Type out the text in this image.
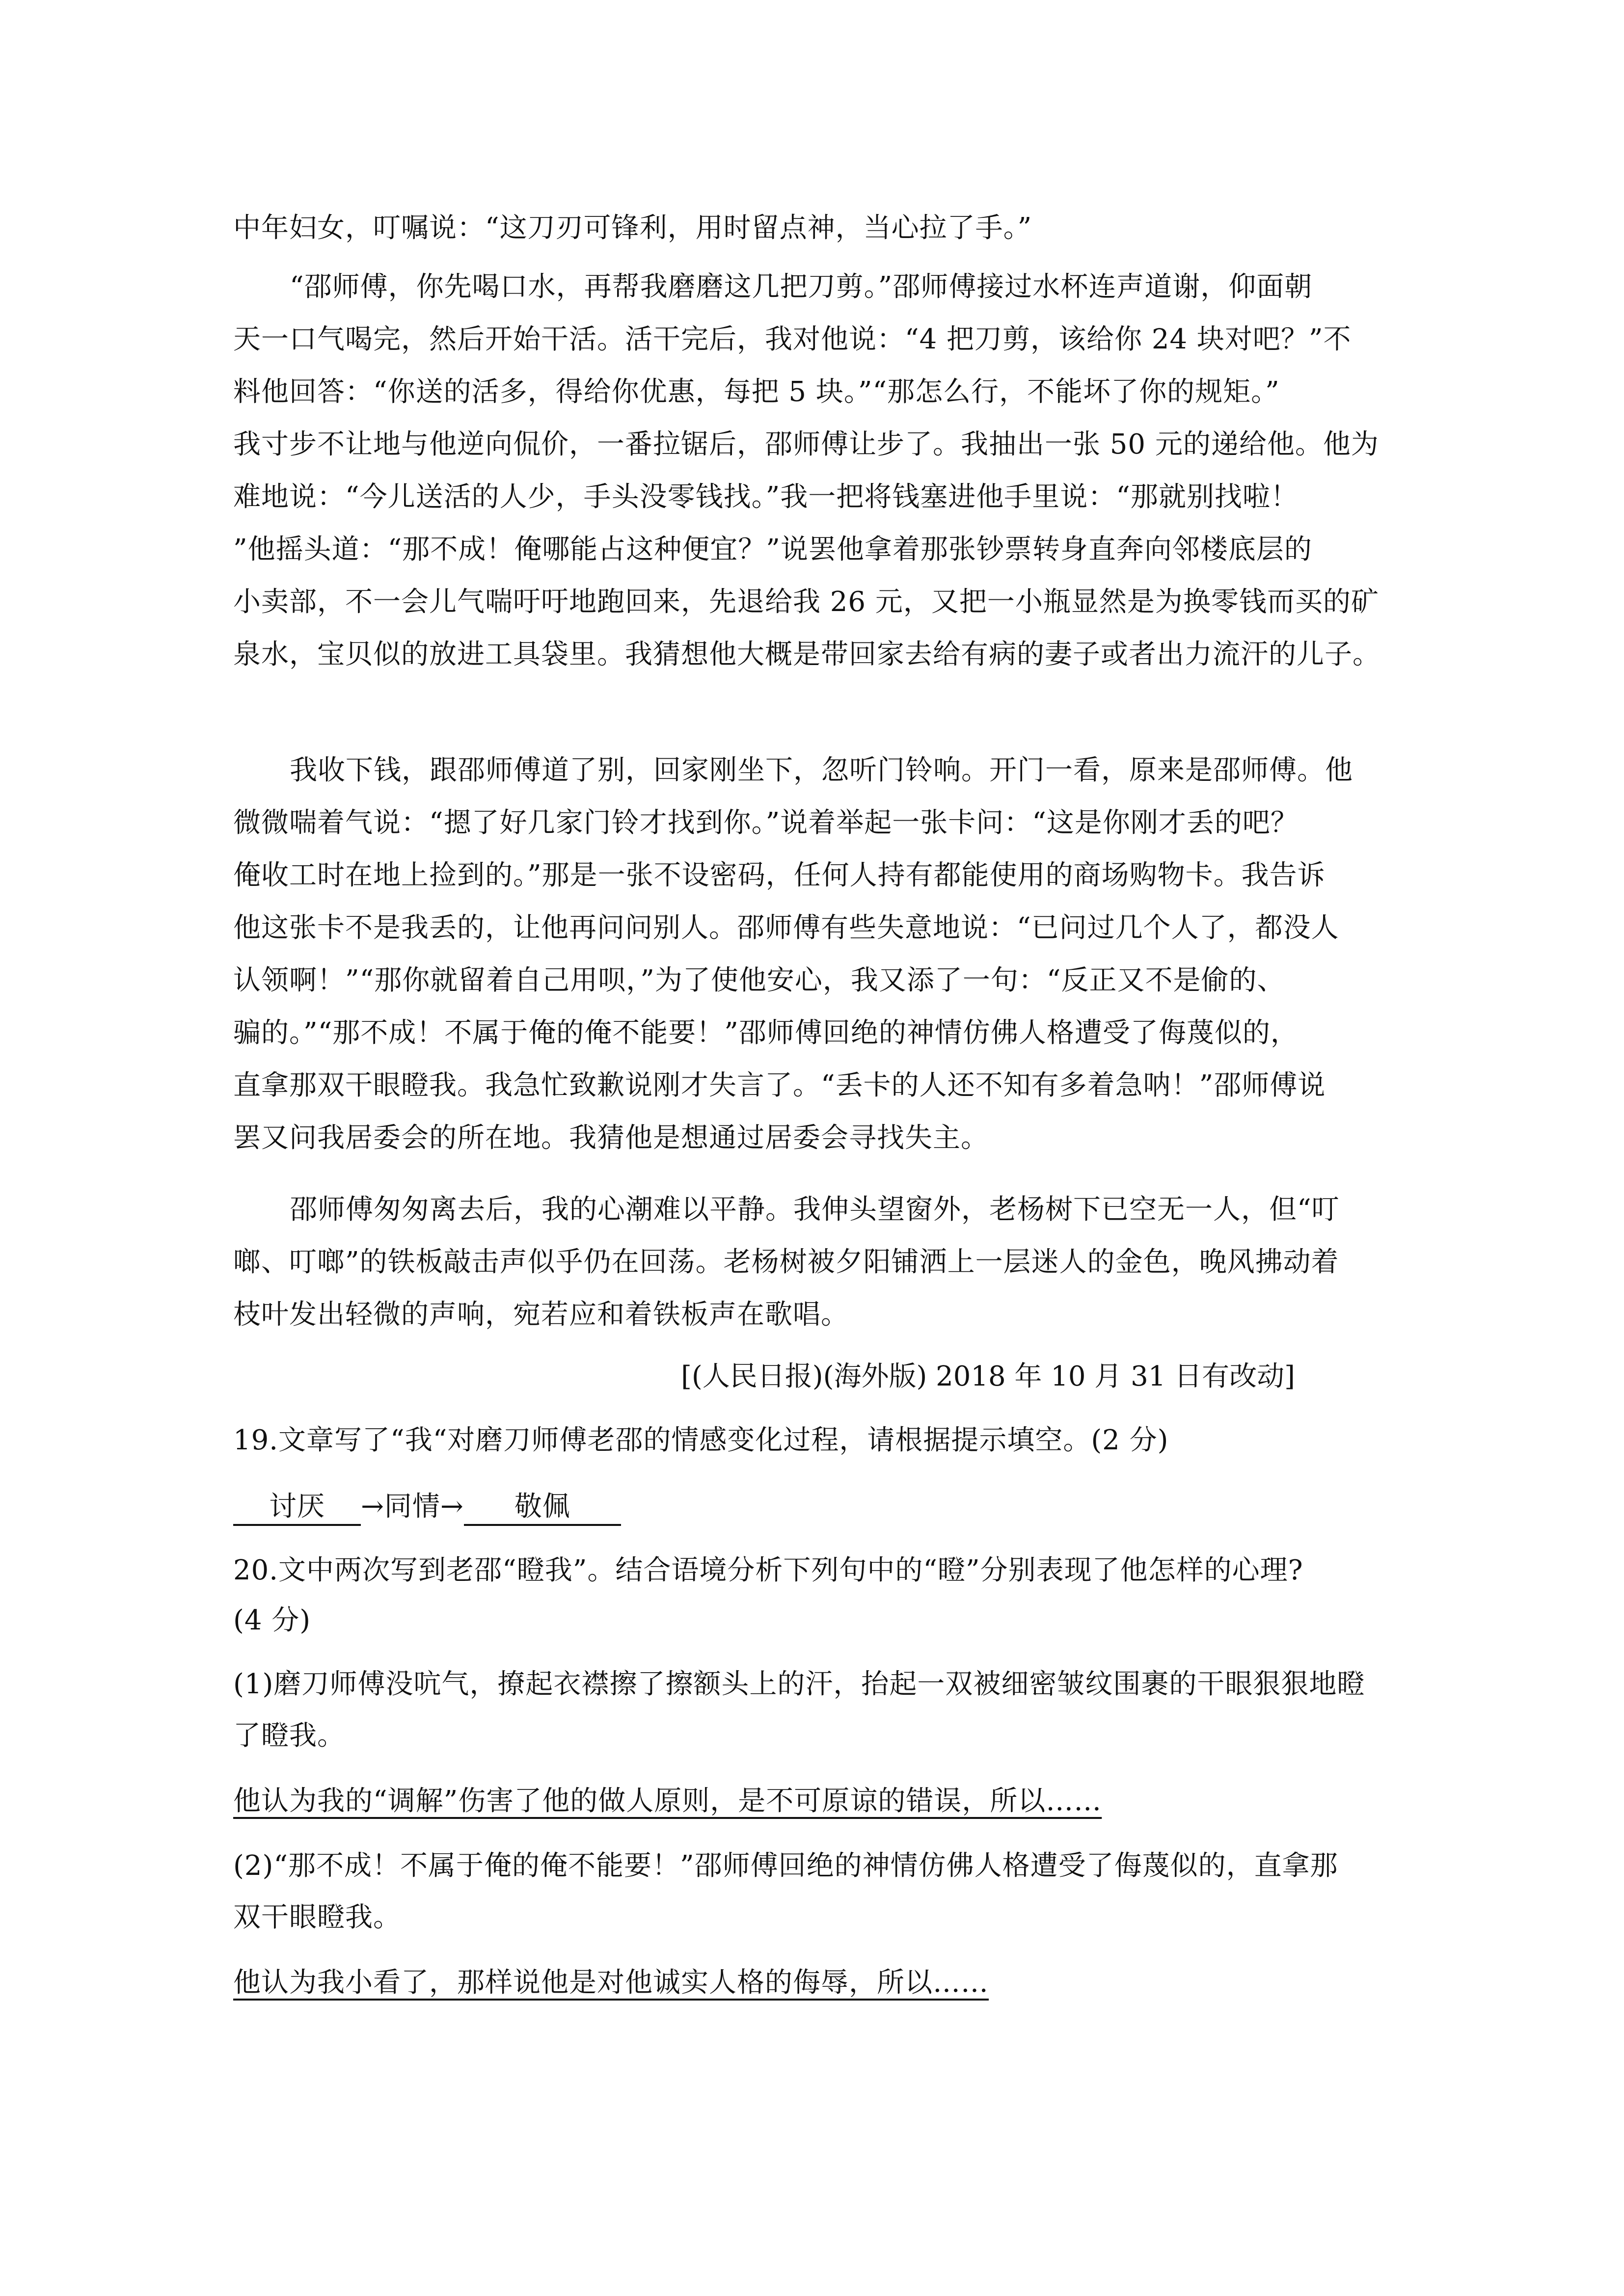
中年妇女，叮嘱说：“这刀刃可锋利，用时留点神，当心拉了手。”
“邵师傅，你先喝口水，再帮我磨磨这几把刀剪。”邵师傅接过水杯连声道谢，仰面朝
天一口气喝完，然后开始干活。活干完后，我对他说：“4 把刀剪，该给你 24 块对吧？”不
料他回答：“你送的活多，得给你优惠，每把 5 块。”“那怎么行，不能坏了你的规矩。”
我寸步不让地与他逆向侃价，一番拉锯后，邵师傅让步了。我抽出一张 50 元的递给他。他为
难地说：“今儿送活的人少，手头没零钱找。”我一把将钱塞进他手里说：“那就别找啦！
”他摇头道：“那不成！俺哪能占这种便宜？”说罢他拿着那张钞票转身直奔向邻楼底层的
小卖部，不一会儿气喘吁吁地跑回来，先退给我 26 元，又把一小瓶显然是为换零钱而买的矿
泉水，宝贝似的放进工具袋里。我猜想他大概是带回家去给有病的妻子或者出力流汗的儿子。
我收下钱，跟邵师傅道了别，回家刚坐下，忽听门铃响。开门一看，原来是邵师傅。他
微微喘着气说：“摁了好几家门铃才找到你。”说着举起一张卡问：“这是你刚才丢的吧？
俺收工时在地上捡到的。”那是一张不设密码，任何人持有都能使用的商场购物卡。我告诉
他这张卡不是我丢的，让他再问问别人。邵师傅有些失意地说：“已问过几个人了，都没人
认领啊！”“那你就留着自己用呗，”为了使他安心，我又添了一句：“反正又不是偷的、
骗的。”“那不成！不属于俺的俺不能要！”邵师傅回绝的神情仿佛人格遭受了侮蔑似的，
直拿那双干眼瞪我。我急忙致歉说刚才失言了。“丢卡的人还不知有多着急呐！”邵师傅说
罢又问我居委会的所在地。我猜他是想通过居委会寻找失主。
邵师傅匆匆离去后，我的心潮难以平静。我伸头望窗外，老杨树下已空无一人，但“叮
啷、叮啷”的铁板敲击声似乎仍在回荡。老杨树被夕阳铺洒上一层迷人的金色，晚风拂动着
枝叶发出轻微的声响，宛若应和着铁板声在歌唱。
[(人民日报)(海外版) 2018 年 10 月 31 日有改动]
19.文章写了“我“对磨刀师傅老邵的情感变化过程，请根据提示填空。(2 分)
讨厌 →同情→ 敬佩
20.文中两次写到老邵“瞪我”。结合语境分析下列句中的“瞪”分别表现了他怎样的心理?
(4 分)
(1)磨刀师傅没吭气，撩起衣襟擦了擦额头上的汗，抬起一双被细密皱纹围裹的干眼狠狠地瞪
了瞪我。
他认为我的“调解”伤害了他的做人原则，是不可原谅的错误，所以……
(2)“那不成！不属于俺的俺不能要！”邵师傅回绝的神情仿佛人格遭受了侮蔑似的，直拿那
双干眼瞪我。
他认为我小看了，那样说他是对他诚实人格的侮辱，所以……
